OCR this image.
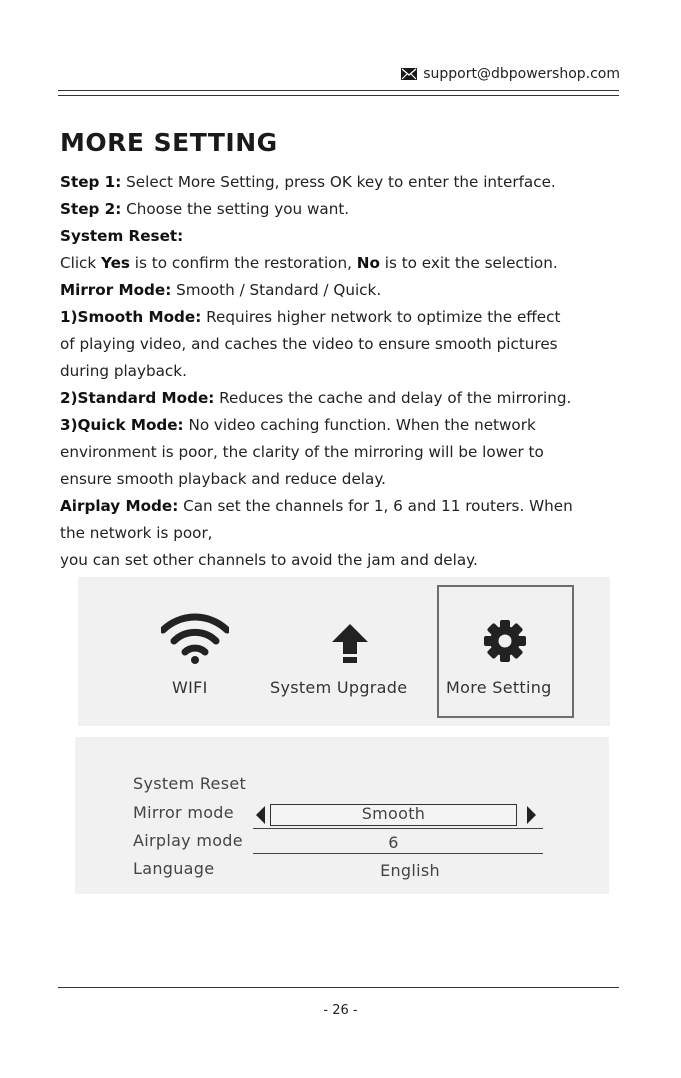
support@dbpowershop.com
MORE SETTING
Step 1: Select More Setting, press OK key to enter the interface.
Step 2: Choose the setting you want.
System Reset:
Click Yes is to confirm the restoration, No is to exit the selection.
Mirror Mode: Smooth / Standard / Quick.
1)Smooth Mode: Requires higher network to optimize the effect
of playing video, and caches the video to ensure smooth pictures
during playback.
2)Standard Mode: Reduces the cache and delay of the mirroring.
3)Quick Mode: No video caching function. When the network
environment is poor, the clarity of the mirroring will be lower to
ensure smooth playback and reduce delay.
Airplay Mode: Can set the channels for 1, 6 and 11 routers. When
the network is poor,
you can set other channels to avoid the jam and delay.
WIFI	System Upgrade More Setting
System Reset
Mirror mode	Smooth
Airplay mode	6
Language	English
- 26 -
